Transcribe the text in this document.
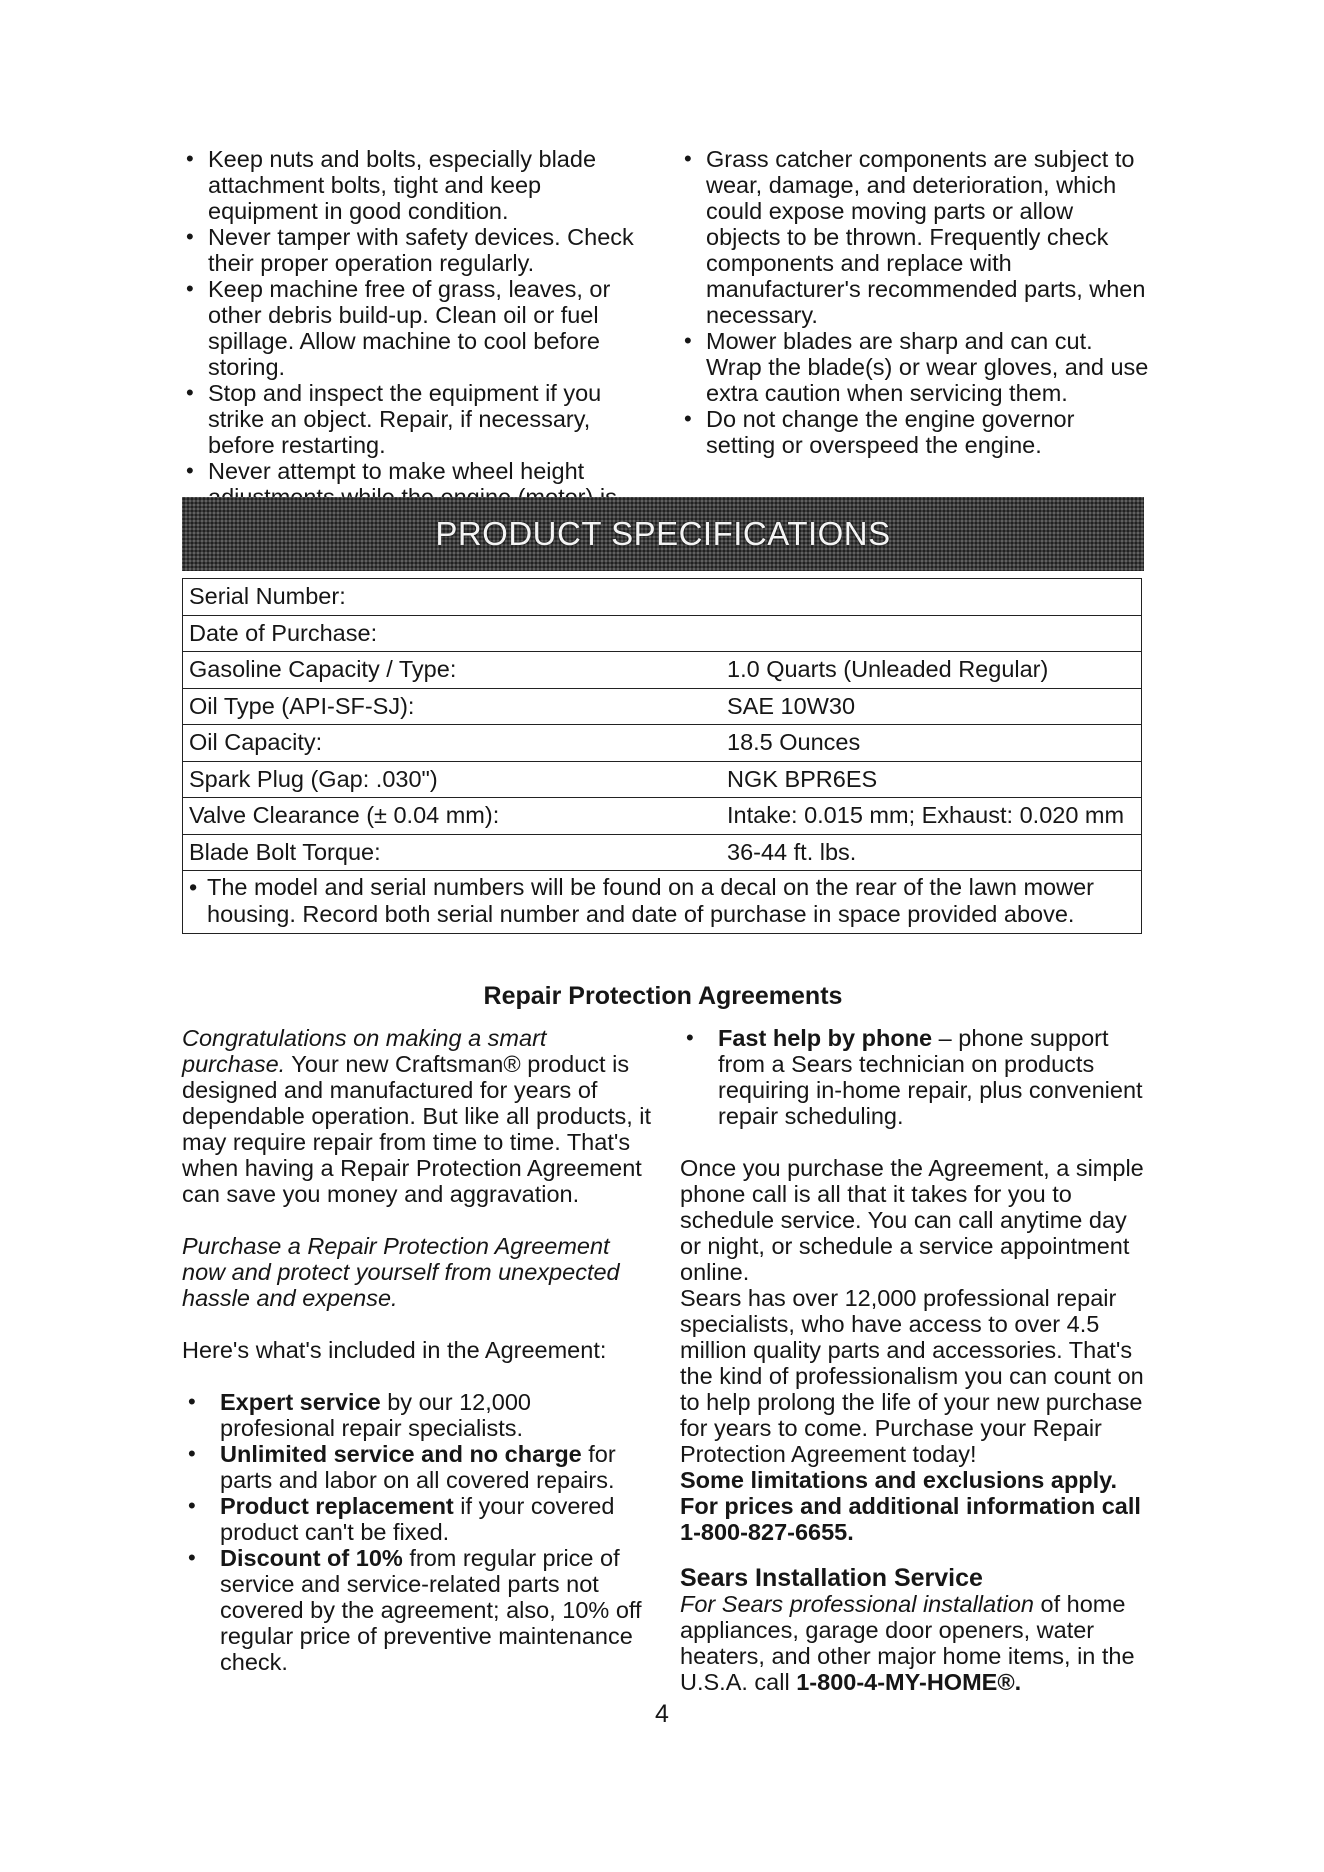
• Keep nuts and bolts, especially blade attachment bolts, tight and keep equipment in good condition.
• Never tamper with safety devices. Check their proper operation regularly.
• Keep machine free of grass, leaves, or other debris build-up. Clean oil or fuel spillage. Allow machine to cool before storing.
• Stop and inspect the equipment if you strike an object. Repair, if necessary, before restarting.
• Never attempt to make wheel height
• Grass catcher components are subject to wear, damage, and deterioration, which could expose moving parts or allow objects to be thrown. Frequently check components and replace with manufacturer's recommended parts, when necessary.
• Mower blades are sharp and can cut. Wrap the blade(s) or wear gloves, and use extra caution when servicing them.
• Do not change the engine governor setting or overspeed the engine.
PRODUCT SPECIFICATIONS
Serial Number:	
Date of Purchase:	
Gasoline Capacity / Type:	1.0 Quarts (Unleaded Regular)
Oil Type (API-SF-SJ):	SAE 10W30
Oil Capacity:	18.5 Ounces
Spark Plug (Gap: .030")	NGK BPR6ES
Valve Clearance (± 0.04 mm):	Intake: 0.015 mm; Exhaust: 0.020 mm
Blade Bolt Torque:	36-44 ft. lbs.

• The model and serial numbers will be found on a decal on the rear of the lawn mower housing. Record both serial number and date of purchase in space provided above.
Repair Protection Agreements

Congratulations on making a smart purchase. Your new Craftsman® product is designed and manufactured for years of dependable operation. But like all products, it may require repair from time to time. That's when having a Repair Protection Agreement can save you money and aggravation.

Purchase a Repair Protection Agreement now and protect yourself from unexpected hassle and expense.

Here's what's included in the Agreement:

• Expert service by our 12,000 profesional repair specialists.
• Unlimited service and no charge for parts and labor on all covered repairs.
• Product replacement if your covered product can't be fixed.
• Discount of 10% from regular price of service and service-related parts not covered by the agreement; also, 10% off regular price of preventive maintenance check.
• Fast help by phone – phone support from a Sears technician on products requiring in-home repair, plus convenient repair scheduling.

Once you purchase the Agreement, a simple phone call is all that it takes for you to schedule service. You can call anytime day or night, or schedule a service appointment online.

Sears has over 12,000 professional repair specialists, who have access to over 4.5 million quality parts and accessories. That's the kind of professionalism you can count on to help prolong the life of your new purchase for years to come. Purchase your Repair Protection Agreement today!

Some limitations and exclusions apply. For prices and additional information call 1-800-827-6655.

Sears Installation Service

For Sears professional installation of home appliances, garage door openers, water heaters, and other major home items, in the U.S.A. call 1-800-4-MY-HOME®.

4
